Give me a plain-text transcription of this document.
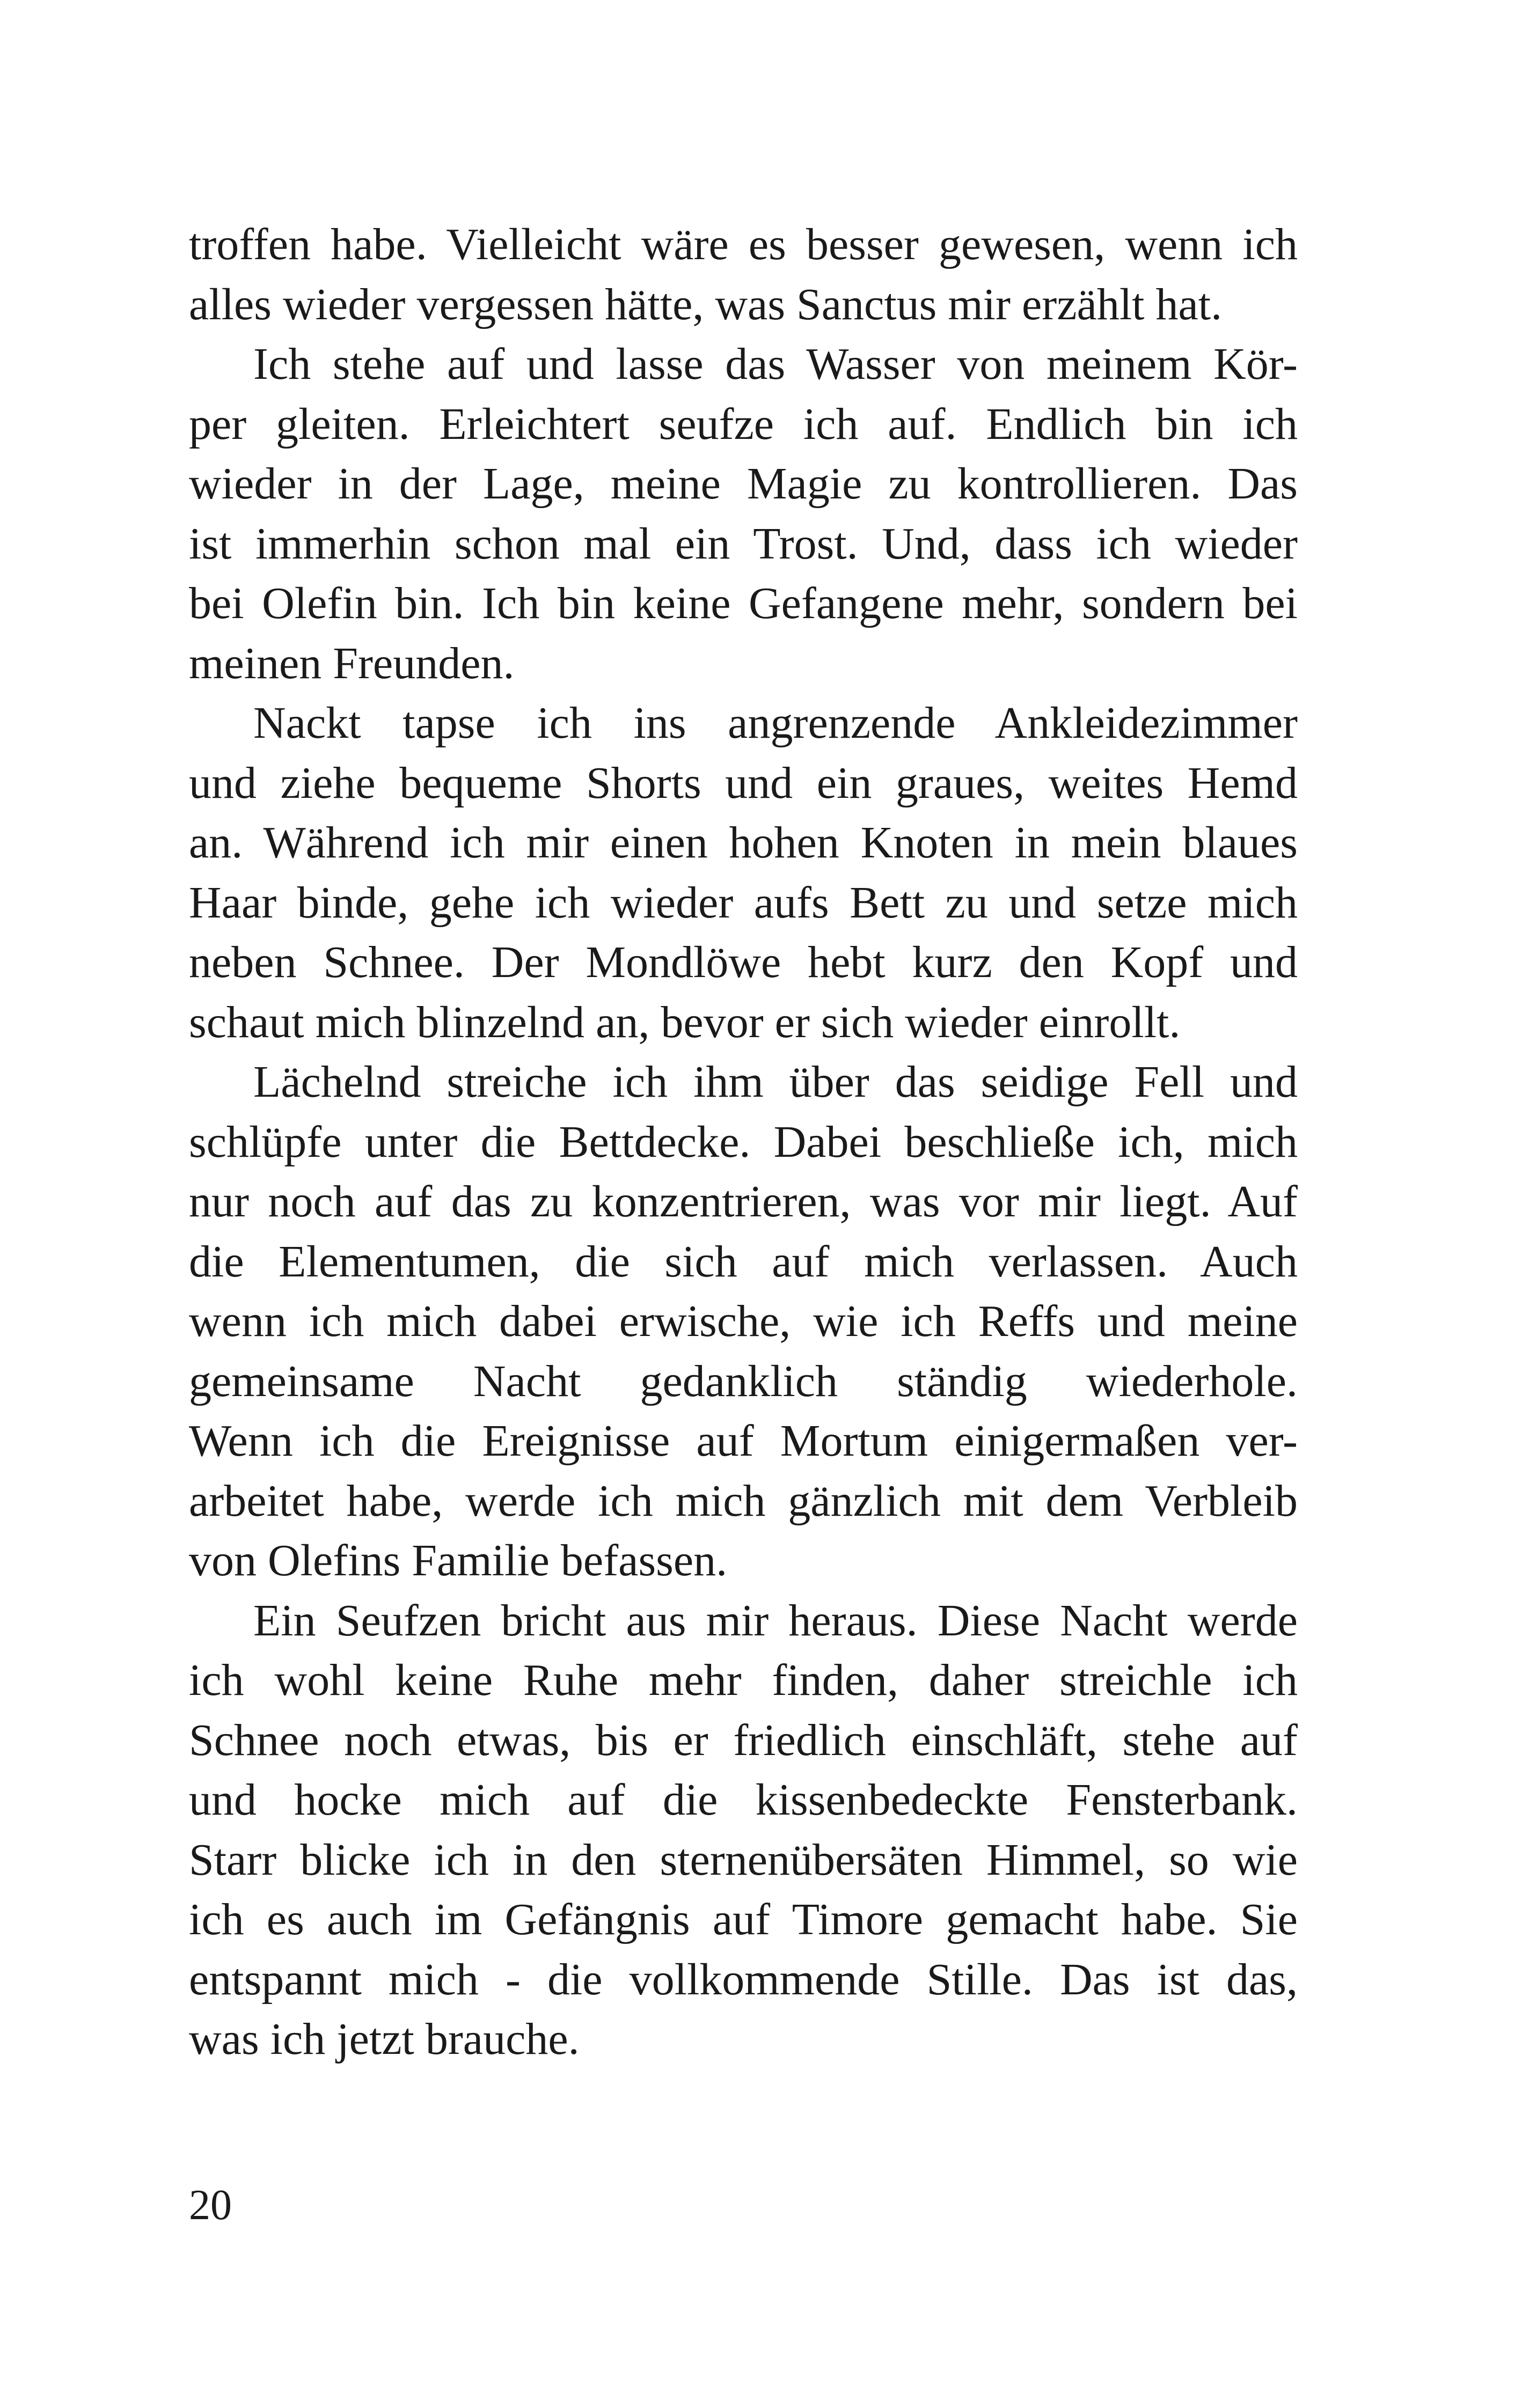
troffen habe. Vielleicht wäre es besser gewesen, wenn ich
alles wieder vergessen hätte, was Sanctus mir erzählt hat.
Ich stehe auf und lasse das Wasser von meinem Kör-
per gleiten. Erleichtert seufze ich auf. Endlich bin ich
wieder in der Lage, meine Magie zu kontrollieren. Das
ist immerhin schon mal ein Trost. Und, dass ich wieder
bei Olefin bin. Ich bin keine Gefangene mehr, sondern bei
meinen Freunden.
Nackt tapse ich ins angrenzende Ankleidezimmer
und ziehe bequeme Shorts und ein graues, weites Hemd
an. Während ich mir einen hohen Knoten in mein blaues
Haar binde, gehe ich wieder aufs Bett zu und setze mich
neben Schnee. Der Mondlöwe hebt kurz den Kopf und
schaut mich blinzelnd an, bevor er sich wieder einrollt.
Lächelnd streiche ich ihm über das seidige Fell und
schlüpfe unter die Bettdecke. Dabei beschließe ich, mich
nur noch auf das zu konzentrieren, was vor mir liegt. Auf
die Elementumen, die sich auf mich verlassen. Auch
wenn ich mich dabei erwische, wie ich Reffs und meine
gemeinsame Nacht gedanklich ständig wiederhole.
Wenn ich die Ereignisse auf Mortum einigermaßen ver-
arbeitet habe, werde ich mich gänzlich mit dem Verbleib
von Olefins Familie befassen.
Ein Seufzen bricht aus mir heraus. Diese Nacht werde
ich wohl keine Ruhe mehr finden, daher streichle ich
Schnee noch etwas, bis er friedlich einschläft, stehe auf
und hocke mich auf die kissenbedeckte Fensterbank.
Starr blicke ich in den sternenübersäten Himmel, so wie
ich es auch im Gefängnis auf Timore gemacht habe. Sie
entspannt mich - die vollkommende Stille. Das ist das,
was ich jetzt brauche.
20
